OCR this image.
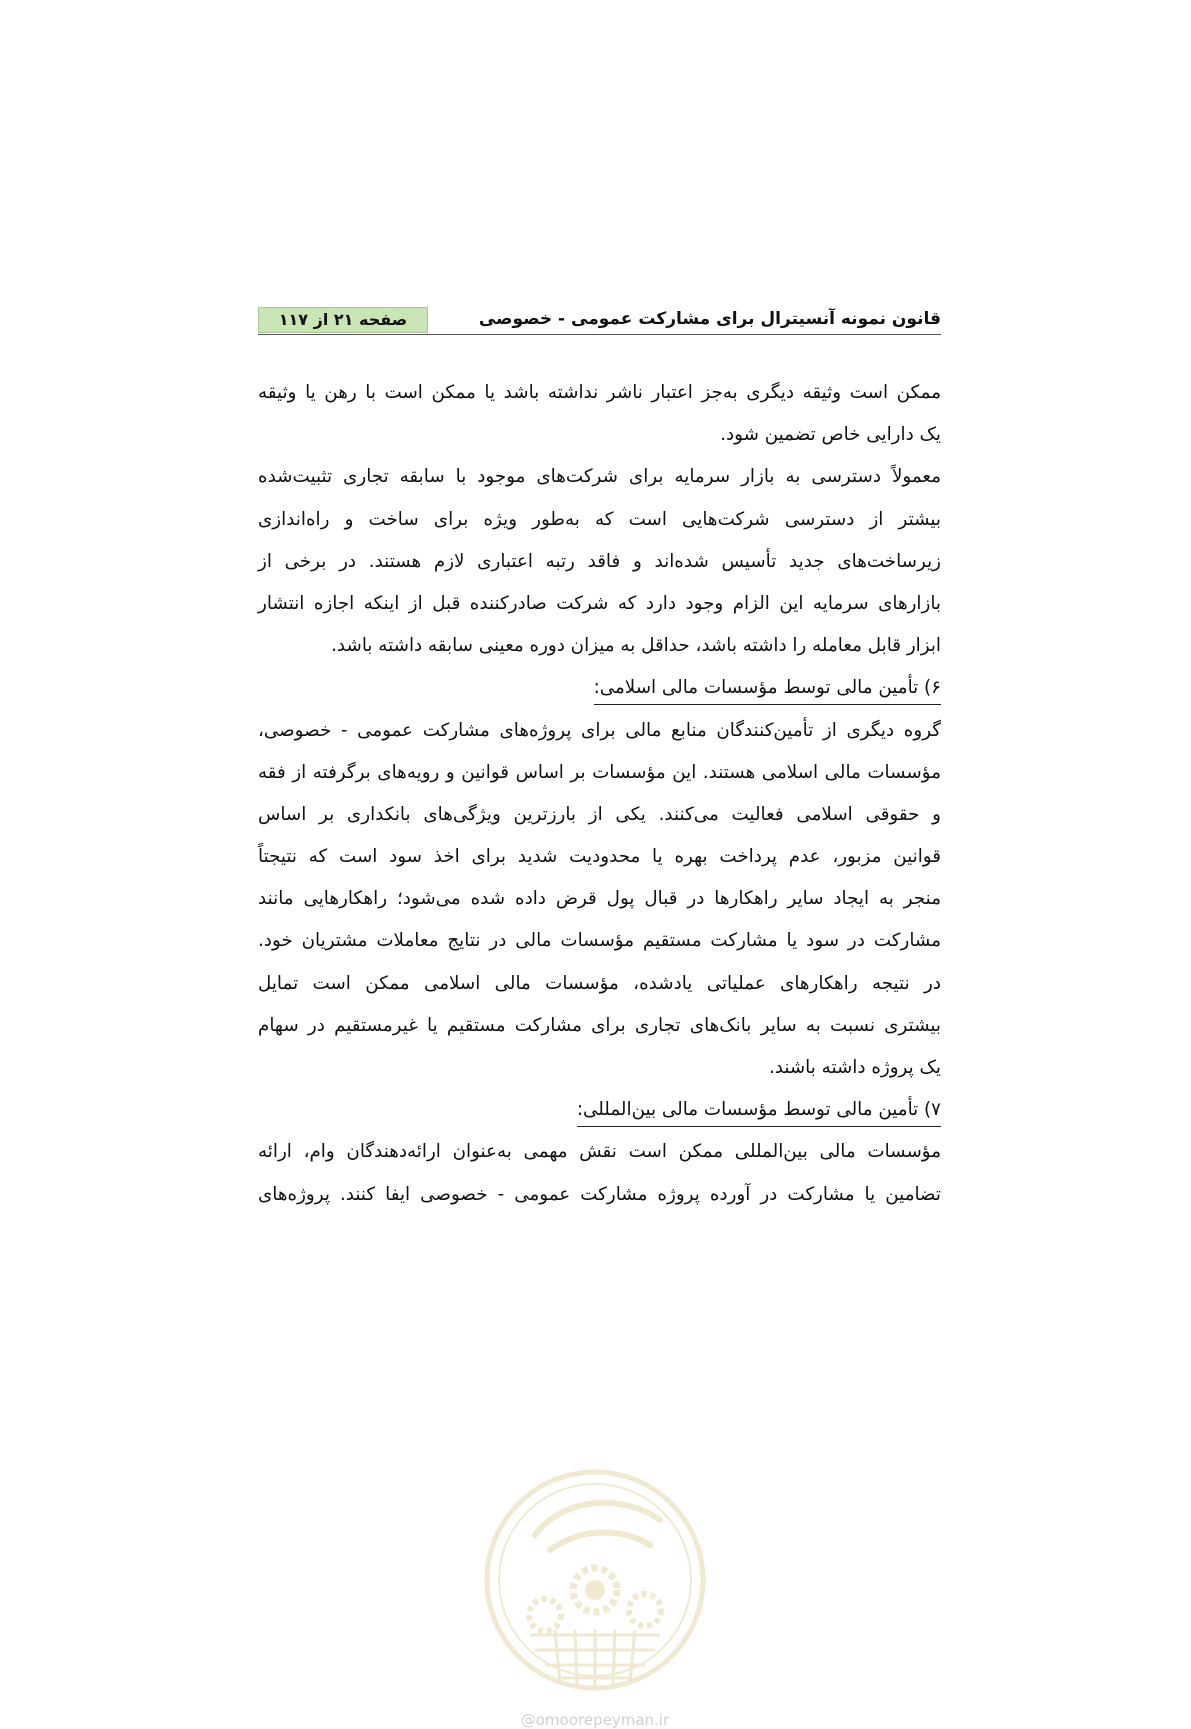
قانون نمونه آنسیترال برای مشارکت عمومی - خصوصی
صفحه ۲۱ از ۱۱۷
ممکن است وثیقه دیگری به‌جز اعتبار ناشر نداشته باشد یا ممکن است با رهن یا وثیقه
یک دارایی خاص تضمین شود.
معمولاً دسترسی به بازار سرمایه برای شرکت‌های موجود با سابقه تجاری تثبیت‌شده
بیشتر از دسترسی شرکت‌هایی است که به‌طور ویژه برای ساخت و راه‌اندازی
زیرساخت‌های جدید تأسیس شده‌اند و فاقد رتبه اعتباری لازم هستند. در برخی از
بازارهای سرمایه این الزام وجود دارد که شرکت صادرکننده قبل از اینکه اجازه انتشار
ابزار قابل معامله را داشته باشد، حداقل به میزان دوره معینی سابقه داشته باشد.
۶) تأمین مالی توسط مؤسسات مالی اسلامی:
گروه دیگری از تأمین‌کنندگان منابع مالی برای پروژه‌های مشارکت عمومی - خصوصی،
مؤسسات مالی اسلامی هستند. این مؤسسات بر اساس قوانین و رویه‌های برگرفته از فقه
و حقوقی اسلامی فعالیت می‌کنند. یکی از بارزترین ویژگی‌های بانکداری بر اساس
قوانین مزبور، عدم پرداخت بهره یا محدودیت شدید برای اخذ سود است که نتیجتاً
منجر به ایجاد سایر راهکارها در قبال پول قرض داده شده می‌شود؛ راهکارهایی مانند
مشارکت در سود یا مشارکت مستقیم مؤسسات مالی در نتایج معاملات مشتریان خود.
در نتیجه راهکارهای عملیاتی یادشده، مؤسسات مالی اسلامی ممکن است تمایل
بیشتری نسبت به سایر بانک‌های تجاری برای مشارکت مستقیم یا غیرمستقیم در سهام
یک پروژه داشته باشند.
۷) تأمین مالی توسط مؤسسات مالی بین‌المللی:
مؤسسات مالی بین‌المللی ممکن است نقش مهمی به‌عنوان ارائه‌دهندگان وام، ارائه
تضامین یا مشارکت در آورده پروژه مشارکت عمومی - خصوصی ایفا کنند. پروژه‌های
@omoorepeyman.ir
